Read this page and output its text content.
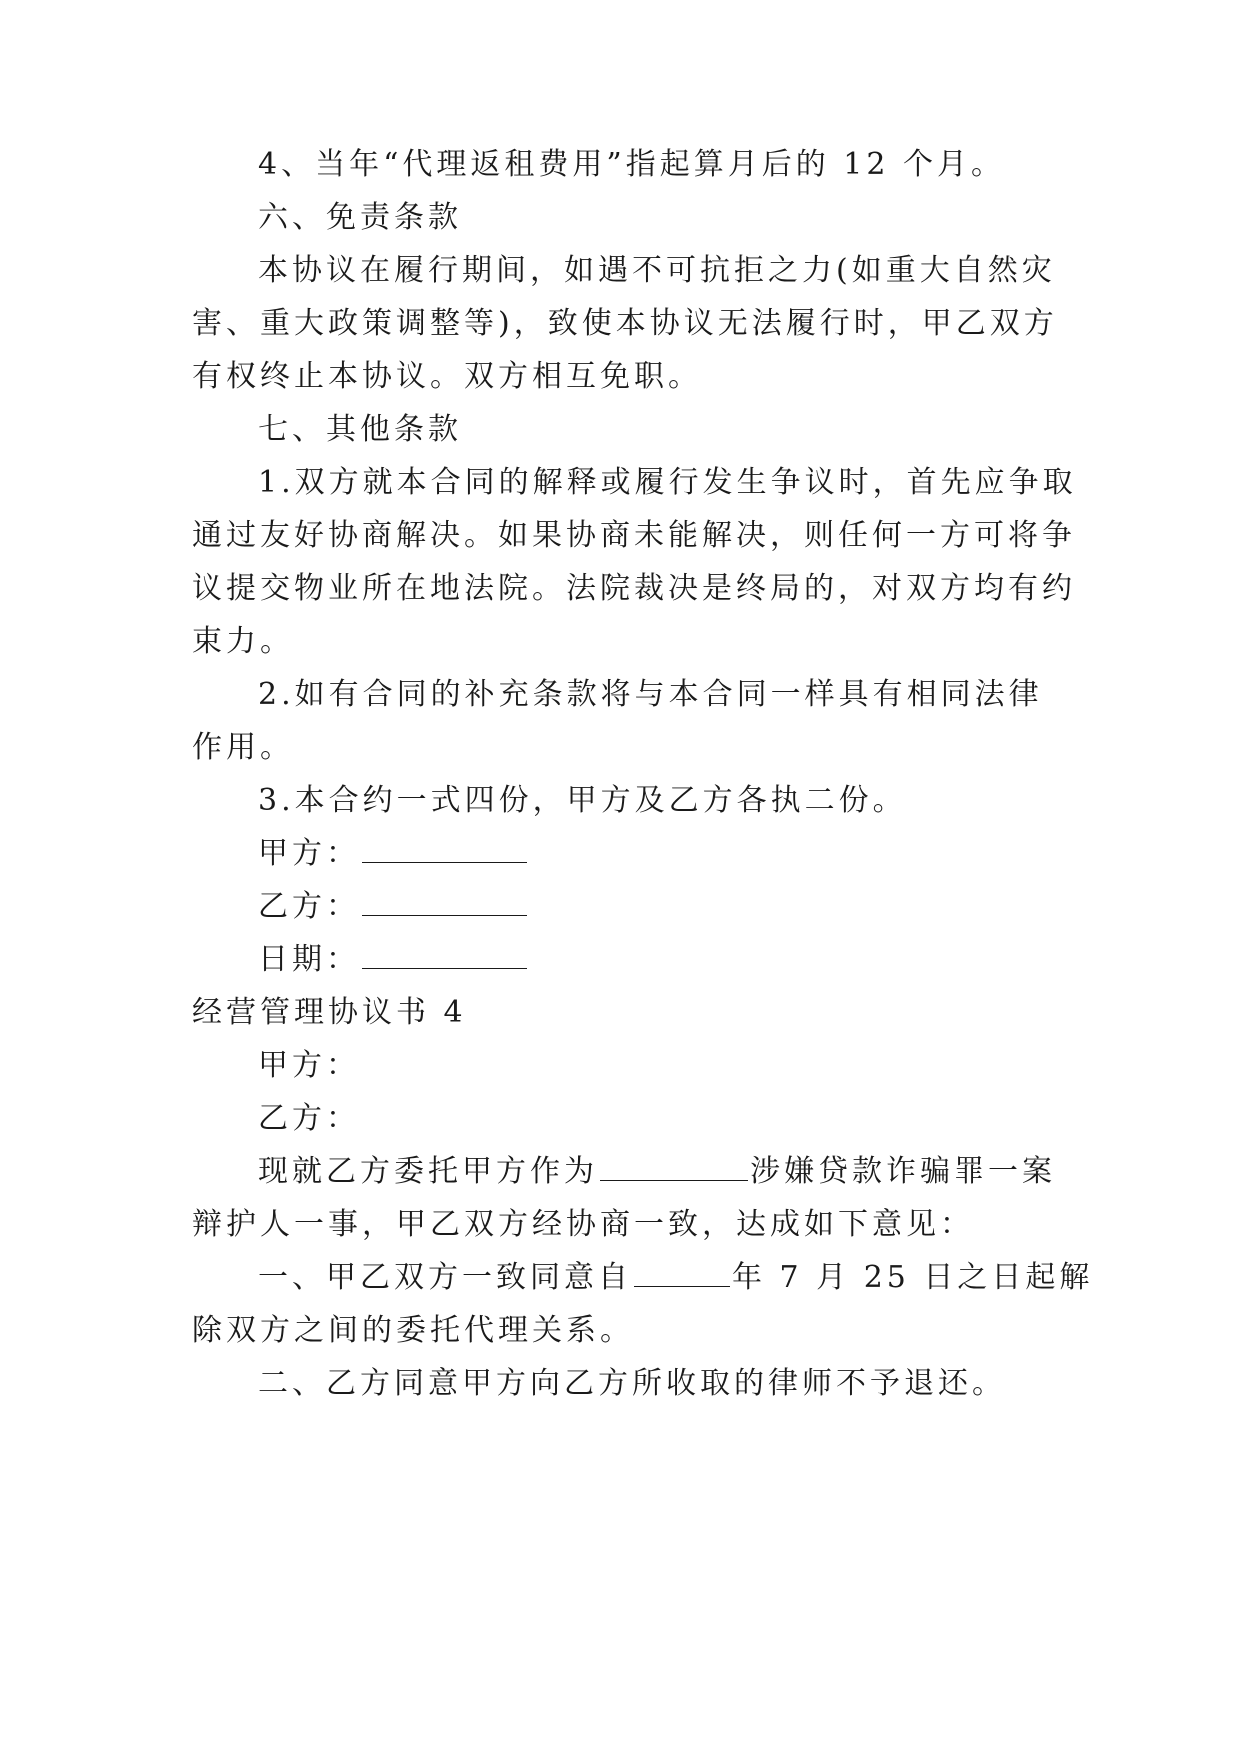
4、当年“代理返租费用”指起算月后的 12 个月。
六、免责条款
本协议在履行期间，如遇不可抗拒之力(如重大自然灾
害、重大政策调整等)，致使本协议无法履行时，甲乙双方
有权终止本协议。双方相互免职。
七、其他条款
1.双方就本合同的解释或履行发生争议时，首先应争取
通过友好协商解决。如果协商未能解决，则任何一方可将争
议提交物业所在地法院。法院裁决是终局的，对双方均有约
束力。
2.如有合同的补充条款将与本合同一样具有相同法律
作用。
3.本合约一式四份，甲方及乙方各执二份。
甲方：
乙方：
日期：
经营管理协议书 4
甲方：
乙方：
现就乙方委托甲方作为	涉嫌贷款诈骗罪一案
辩护人一事，甲乙双方经协商一致，达成如下意见：
一、甲乙双方一致同意自	年 7 月 25 日之日起解
除双方之间的委托代理关系。
二、乙方同意甲方向乙方所收取的律师不予退还。
